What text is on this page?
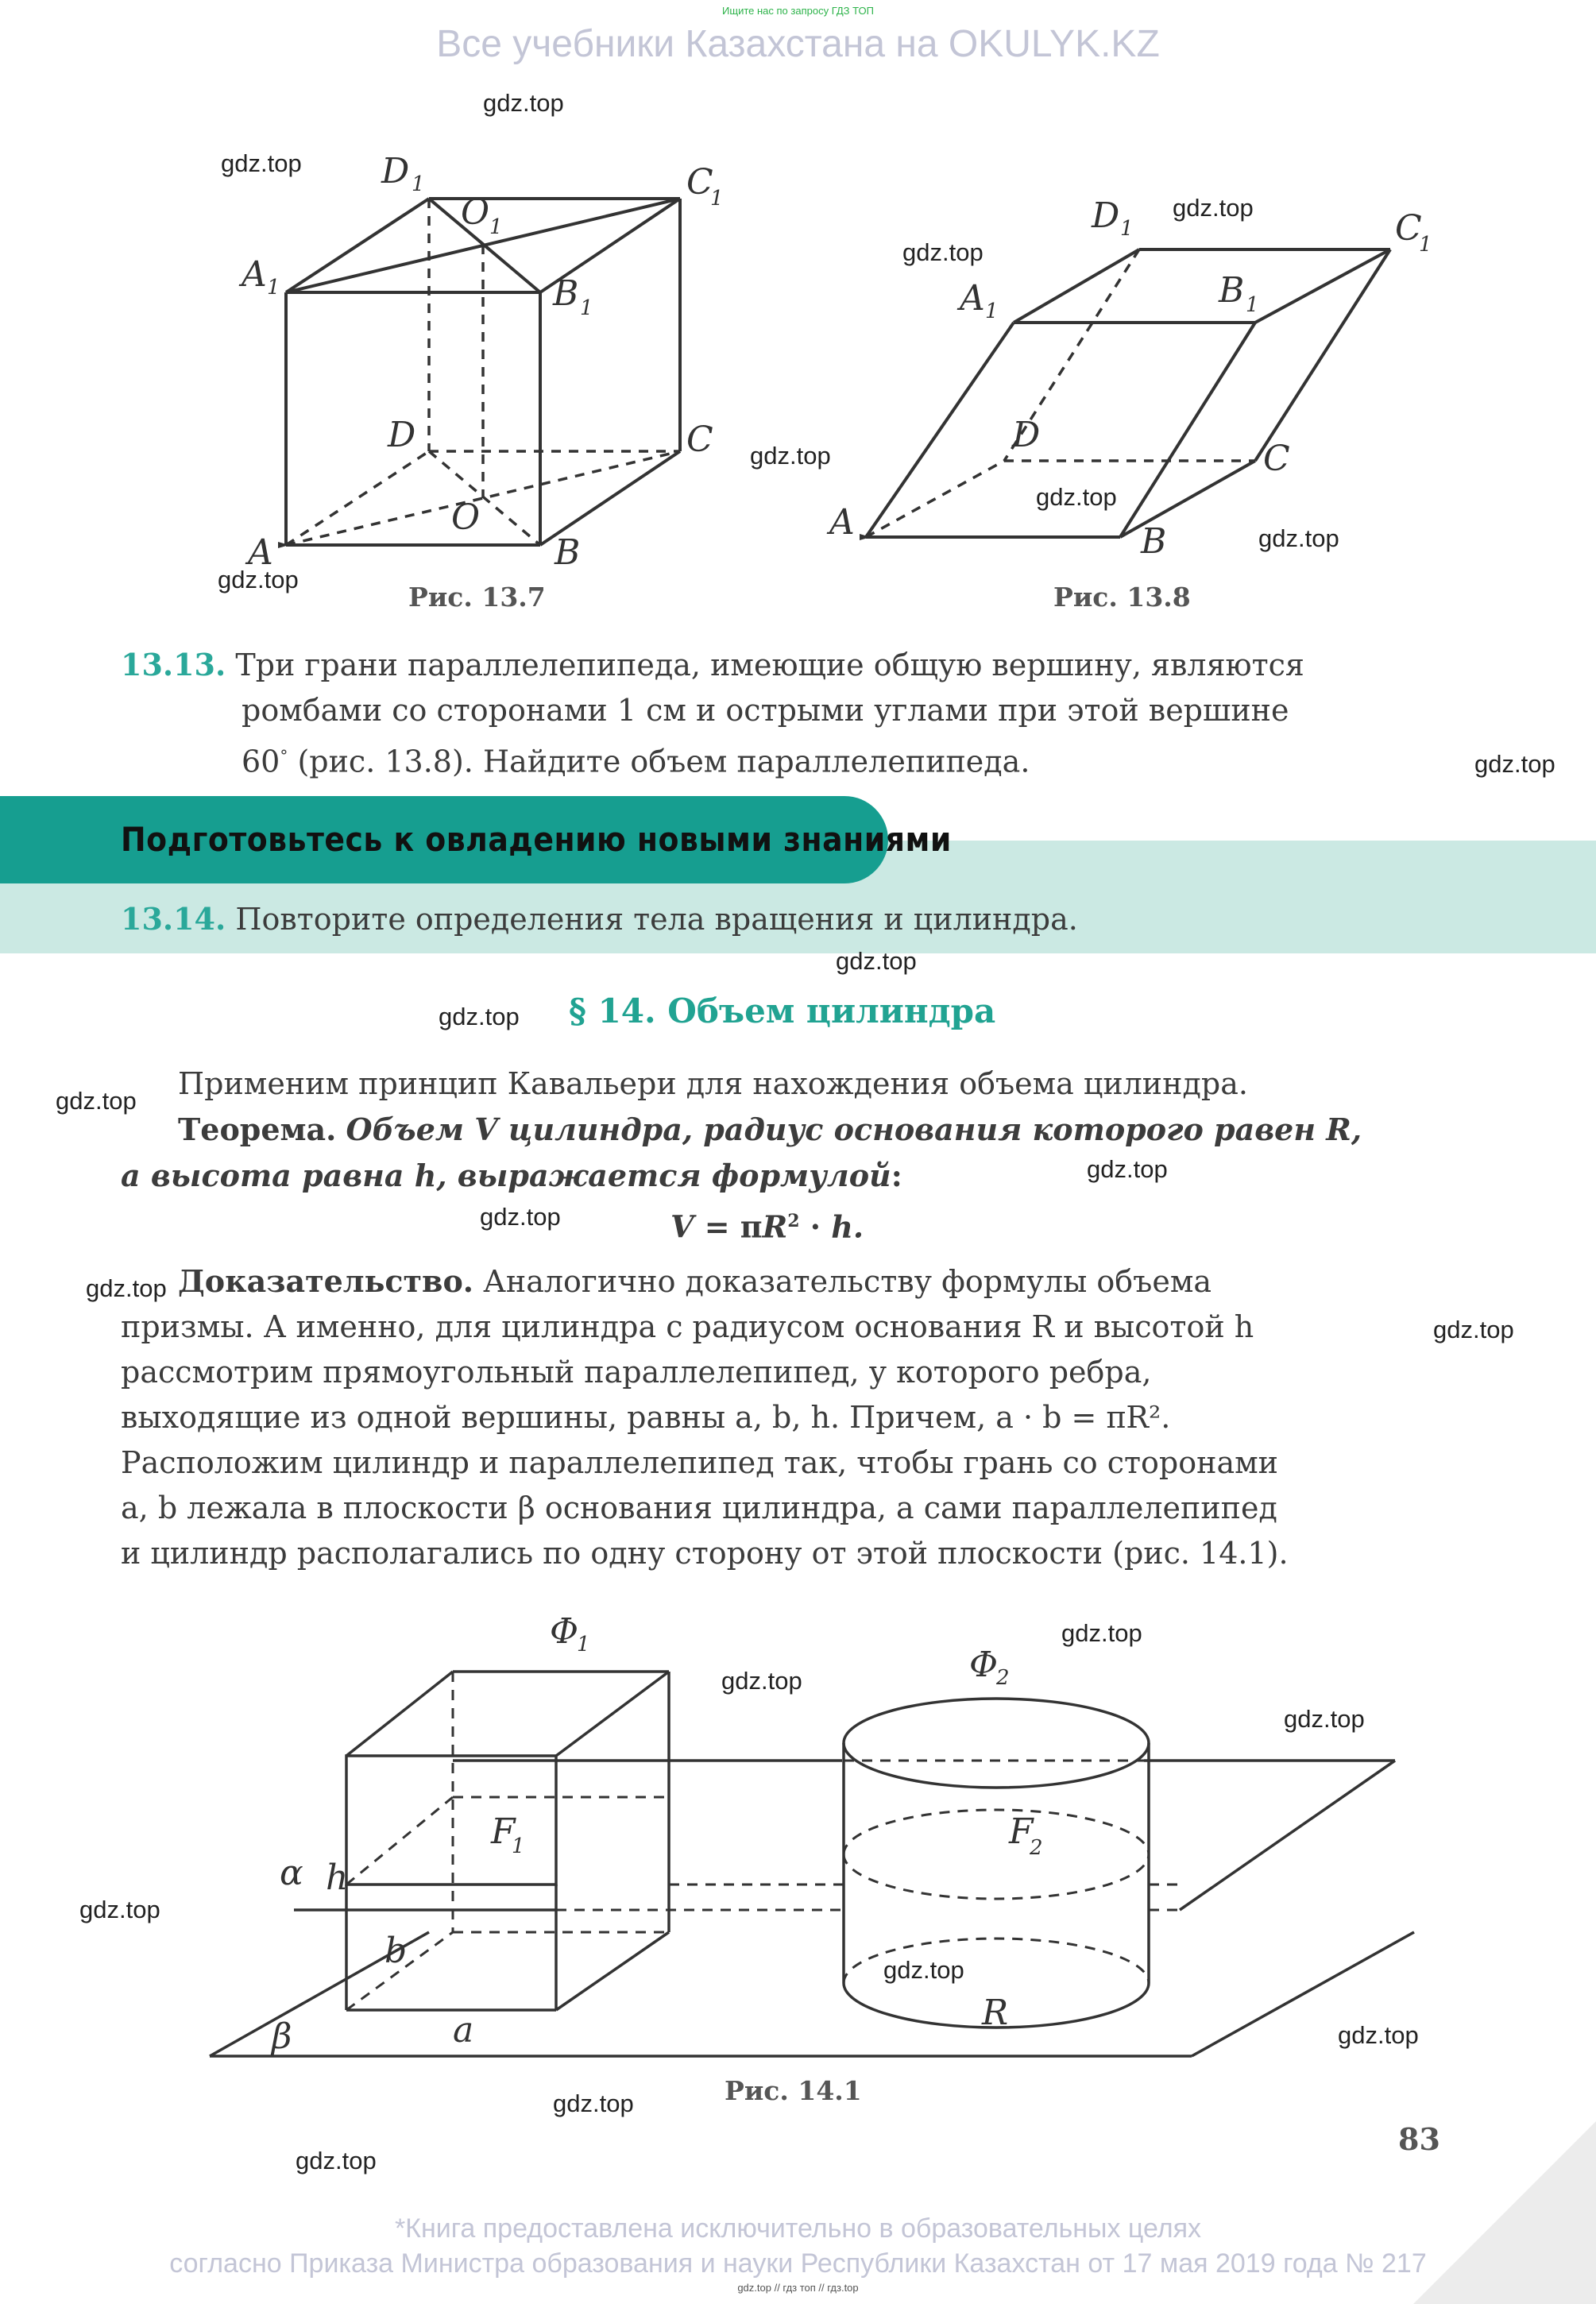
Ищите нас по запросу ГДЗ ТОП
Все учебники Казахстана на OKULYK.KZ
D 1
O 1
C
1
A 1	B 1
D	C
O
A	B
Рис. 13.7
D 1	C
1
A 1
B 1
D
C
A	B
Рис. 13.8
13.13. Три грани параллелепипеда, имеющие общую вершину, являются
ромбами со сторонами 1 см и острыми углами при этой вершине
60° (рис. 13.8). Найдите объем параллелепипеда.
Подготовьтесь к овладению новыми знаниями
13.14. Повторите определения тела вращения и цилиндра.
§ 14. Объем цилиндра
Применим принцип Кавальери для нахождения объема цилиндра.
Теорема. Объем V цилиндра, радиус основания которого равен R,
а высота равна h, выражается формулой:
$V = \pi R^2 \cdot h$.
Доказательство. Аналогично доказательству формулы объема
призмы. А именно, для цилиндра с радиусом основания R и высотой h
рассмотрим прямоугольный параллелепипед, у которого ребра,
выходящие из одной вершины, равны a, b, h. Причем, a · b = πR².
Расположим цилиндр и параллелепипед так, чтобы грань со сторонами
a, b лежала в плоскости β основания цилиндра, а сами параллелепипед
и цилиндр располагались по одну сторону от этой плоскости (рис. 14.1).
Φ
1	Φ
2
F
1	F
2
α h
b
a
β
R
Рис. 14.1
gdz.top
gdz.top
gdz.top
gdz.top
gdz.top
gdz.top
gdz.top
gdz.top
gdz.top
gdz.top
gdz.top
gdz.top
gdz.top
gdz.top
gdz.top
gdz.top
gdz.top
gdz.top
gdz.top
gdz.top
gdz.top
gdz.top
gdz.top
gdz.top
83
*Книга предоставлена исключительно в образовательных целях
согласно Приказа Министра образования и науки Республики Казахстан от 17 мая 2019 года № 217
gdz.top // гдз топ // гдз.top
